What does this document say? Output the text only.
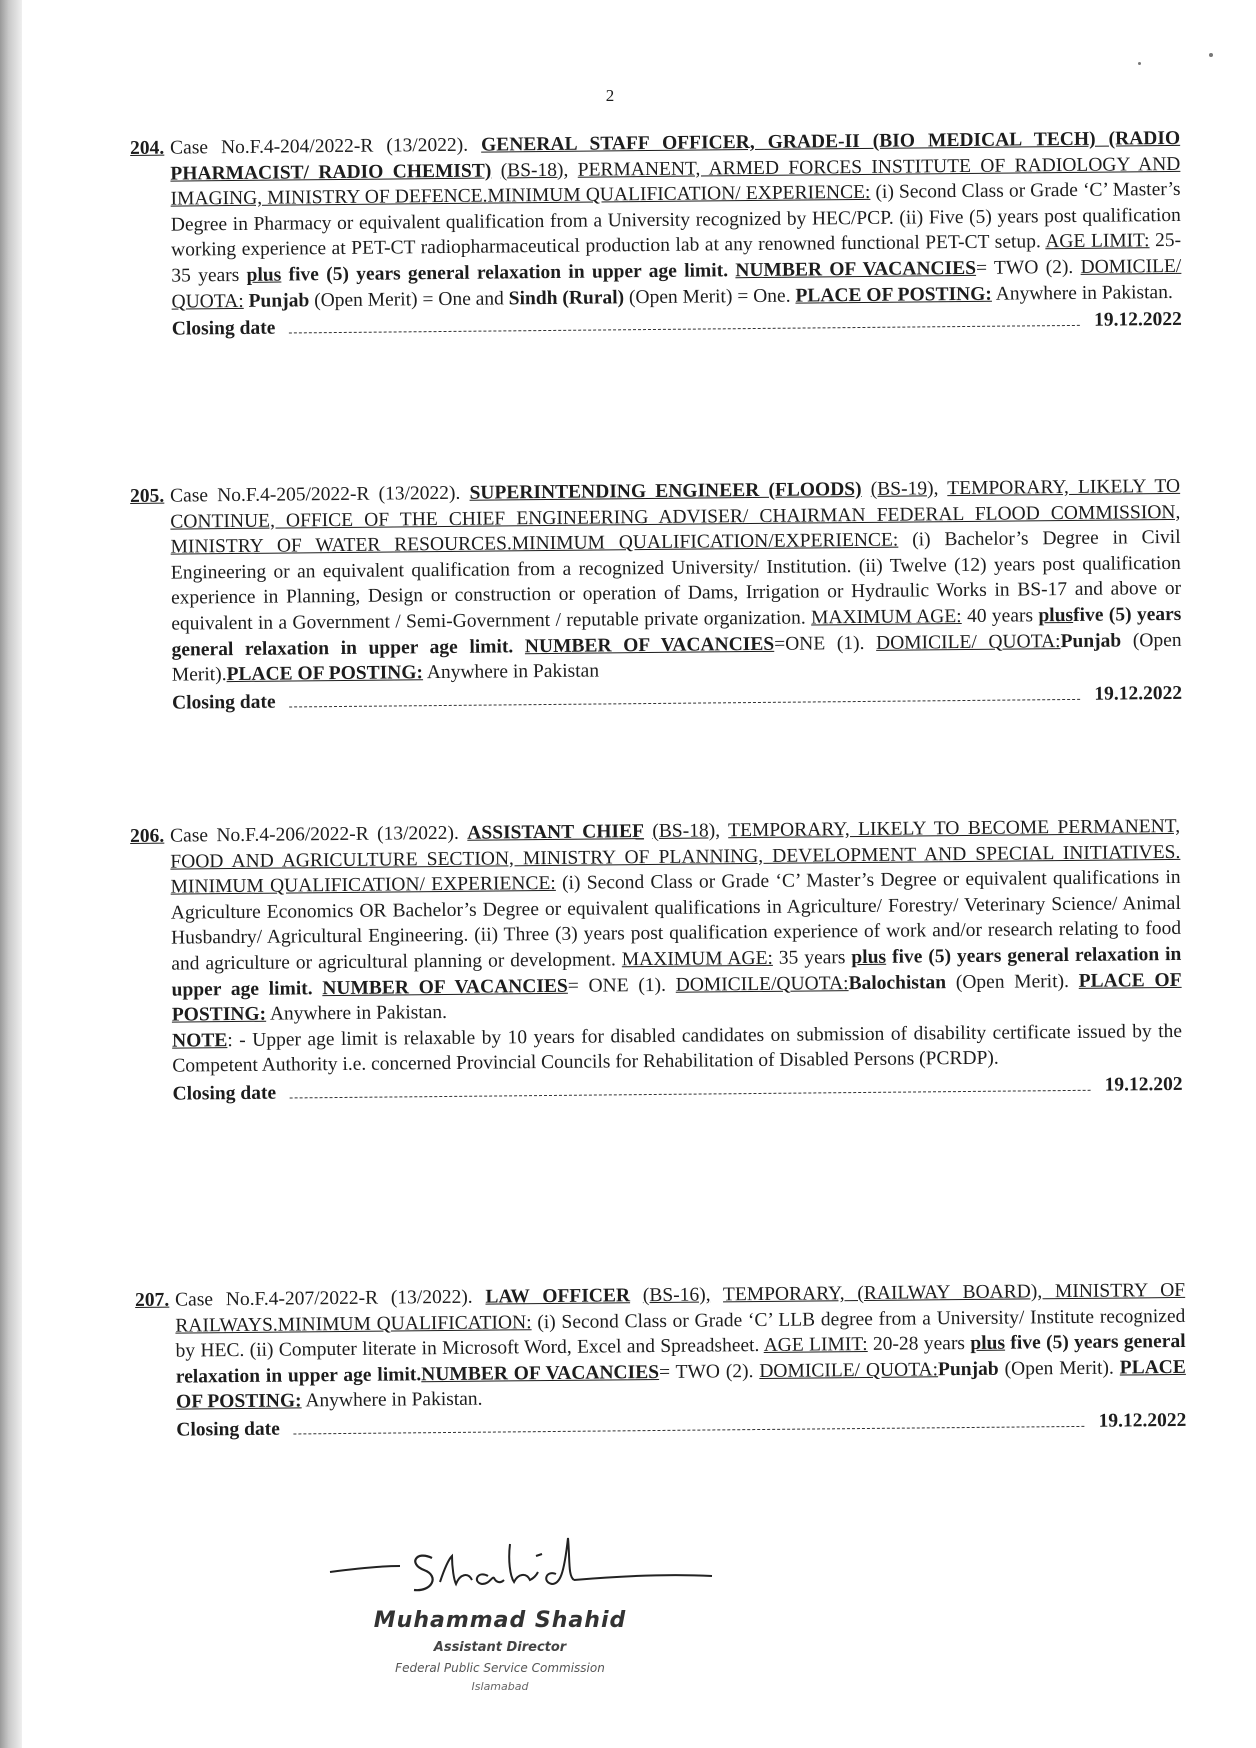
2
204. Case No.F.4-204/2022-R (13/2022). GENERAL STAFF OFFICER, GRADE-II (BIO MEDICAL TECH) (RADIO PHARMACIST/ RADIO CHEMIST) (BS-18), PERMANENT, ARMED FORCES INSTITUTE OF RADIOLOGY AND IMAGING, MINISTRY OF DEFENCE.MINIMUM QUALIFICATION/ EXPERIENCE: (i) Second Class or Grade ‘C’ Master’s Degree in Pharmacy or equivalent qualification from a University recognized by HEC/PCP. (ii) Five (5) years post qualification working experience at PET-CT radiopharmaceutical production lab at any renowned functional PET-CT setup. AGE LIMIT: 25-35 years plus five (5) years general relaxation in upper age limit. NUMBER OF VACANCIES= TWO (2). DOMICILE/ QUOTA: Punjab (Open Merit) = One and Sindh (Rural) (Open Merit) = One. PLACE OF POSTING: Anywhere in Pakistan.

Closing date	19.12.2022
205. Case No.F.4-205/2022-R (13/2022). SUPERINTENDING ENGINEER (FLOODS) (BS-19), TEMPORARY, LIKELY TO CONTINUE, OFFICE OF THE CHIEF ENGINEERING ADVISER/ CHAIRMAN FEDERAL FLOOD COMMISSION, MINISTRY OF WATER RESOURCES.MINIMUM QUALIFICATION/EXPERIENCE: (i) Bachelor’s Degree in Civil Engineering or an equivalent qualification from a recognized University/ Institution. (ii) Twelve (12) years post qualification experience in Planning, Design or construction or operation of Dams, Irrigation or Hydraulic Works in BS-17 and above or equivalent in a Government / Semi-Government / reputable private organization. MAXIMUM AGE: 40 years plusfive (5) years general relaxation in upper age limit. NUMBER OF VACANCIES=ONE (1). DOMICILE/ QUOTA:Punjab (Open Merit).PLACE OF POSTING: Anywhere in Pakistan

Closing date	19.12.2022
206. Case No.F.4-206/2022-R (13/2022). ASSISTANT CHIEF (BS-18), TEMPORARY, LIKELY TO BECOME PERMANENT, FOOD AND AGRICULTURE SECTION, MINISTRY OF PLANNING, DEVELOPMENT AND SPECIAL INITIATIVES. MINIMUM QUALIFICATION/ EXPERIENCE: (i) Second Class or Grade ‘C’ Master’s Degree or equivalent qualifications in Agriculture Economics OR Bachelor’s Degree or equivalent qualifications in Agriculture/ Forestry/ Veterinary Science/ Animal Husbandry/ Agricultural Engineering. (ii) Three (3) years post qualification experience of work and/or research relating to food and agriculture or agricultural planning or development. MAXIMUM AGE: 35 years plus five (5) years general relaxation in upper age limit. NUMBER OF VACANCIES= ONE (1). DOMICILE/QUOTA:Balochistan (Open Merit). PLACE OF POSTING: Anywhere in Pakistan.

NOTE: - Upper age limit is relaxable by 10 years for disabled candidates on submission of disability certificate issued by the Competent Authority i.e. concerned Provincial Councils for Rehabilitation of Disabled Persons (PCRDP).

Closing date	19.12.202
207. Case No.F.4-207/2022-R (13/2022). LAW OFFICER (BS-16), TEMPORARY, (RAILWAY BOARD), MINISTRY OF RAILWAYS.MINIMUM QUALIFICATION: (i) Second Class or Grade ‘C’ LLB degree from a University/ Institute recognized by HEC. (ii) Computer literate in Microsoft Word, Excel and Spreadsheet. AGE LIMIT: 20-28 years plus five (5) years general relaxation in upper age limit.NUMBER OF VACANCIES= TWO (2). DOMICILE/ QUOTA:Punjab (Open Merit). PLACE OF POSTING: Anywhere in Pakistan.

Closing date	19.12.2022
Muhammad Shahid
Assistant Director
Federal Public Service Commission
Islamabad
